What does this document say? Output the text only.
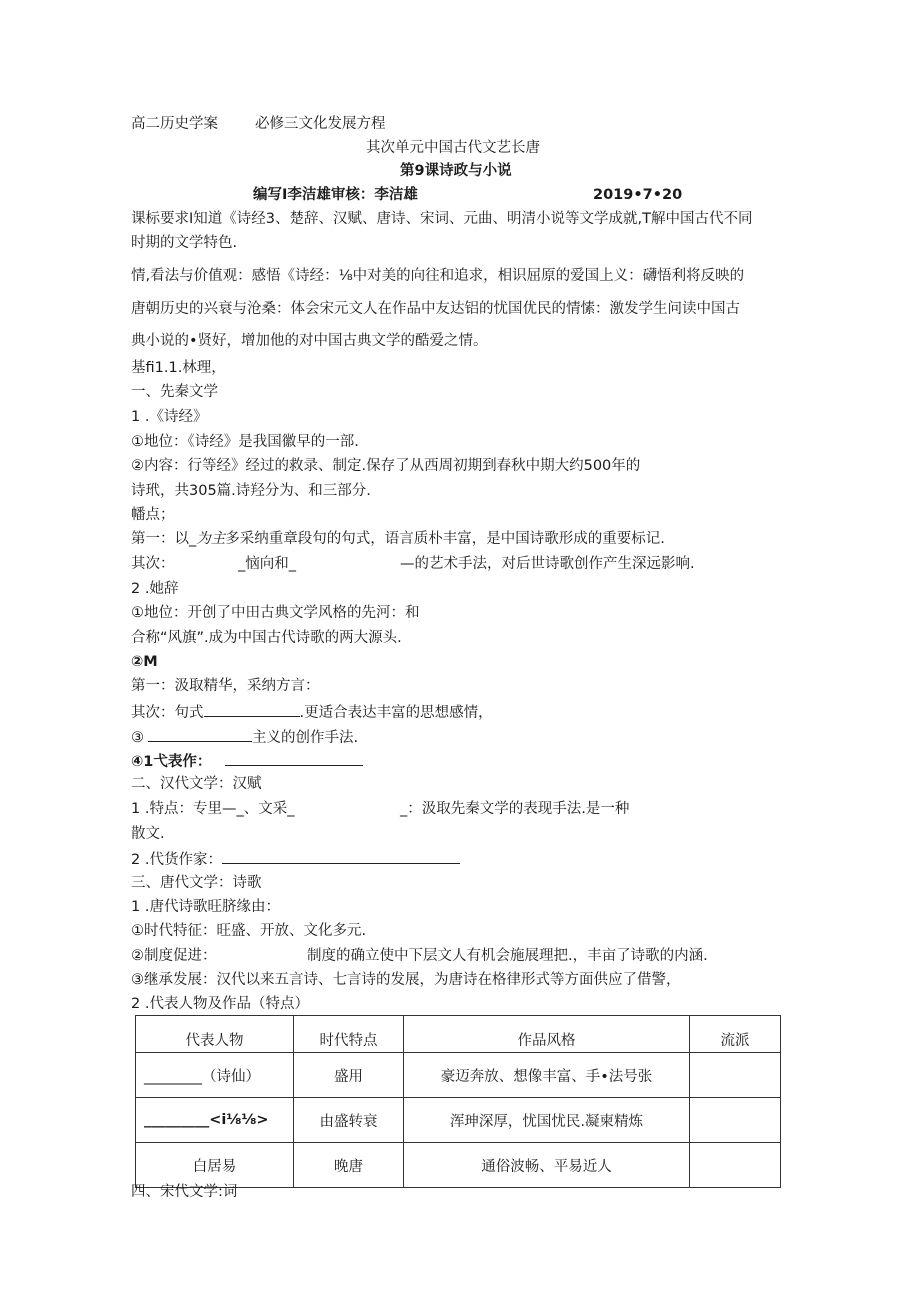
高二历史学案	必修三文化发展方程
其次单元中国古代文艺长唐
第9课诗政与小说
编写I李洁雄审核：李洁雄	2019•7•20
课标要求I知道《诗经3、楚辞、汉赋、唐诗、宋词、元曲、明清小说等文学成就,T解中国古代不同
时期的文学特色.
情,看法与价值观：感悟《诗经：⅛中对美的向往和追求，相识屈原的爱国上义：礴悟利将反映的
唐朝历史的兴衰与沧桑：体会宋元文人在作品中友达铝的忧国优民的情愫：激发学生问读中国古
典小说的•贤好，增加他的对中国古典文学的酷爱之情。
基fi1.1.林理，
一、先秦文学
1 .《诗经》
①地位：《诗经》是我国徽早的一部.
②内容：行等经》经过的救录、制定.保存了从西周初期到春秋中期大约500年的
诗玳，共305篇.诗羟分为、和三部分.
幡点；
第一：以_为主多采纳重章段句的句式，语言质朴丰富，是中国诗歌形成的重要标记.
其次：	_恼向和_	—的艺术手法，对后世诗歌创作产生深远影响.
2 .她辞
①地位：开创了中田古典文学风格的先河：和
合称“风旗”.成为中国古代诗歌的两大源头.
②M
第一：汲取精华，采纳方言：
其次：句式	.更适合表达丰富的思想感情，
③	主义的创作手法.
④1弋表作：
二、汉代文学：汉赋
1 .特点：专里—_、文采_	_：汲取先秦文学的表现手法.是一种
散文.
2 .代货作家：
三、唐代文学：诗歌
1 .唐代诗歌旺脐缘由：
①时代特征：旺盛、开放、文化多元.
②制度促进：	制度的确立使中下层文人有机会施展理把.，丰亩了诗歌的内涵.
③继承发展：汉代以来五言诗、七言诗的发展，为唐诗在格律形式等方面供应了借警，
2 .代表人物及作品（特点）
代表人物	时代特点	作品风格	流派
________（诗仙）	盛用	豪迈奔放、想像丰富、手•法号张	
_________<i⅛⅛>	由盛转衰	浑珅深厚，忧国忧民.凝柬精炼	
白居易	晚唐	通俗波畅、平易近人	
四、宋代文学:词
